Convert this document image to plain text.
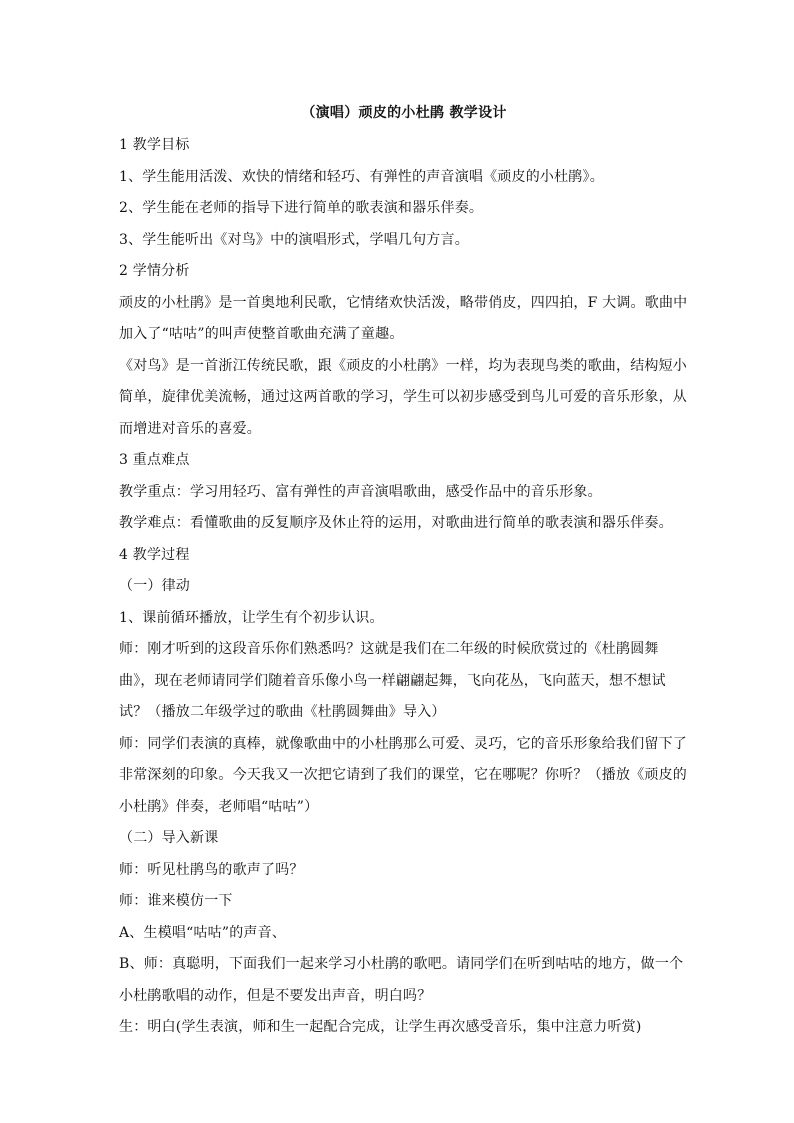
（演唱）顽皮的小杜鹃 教学设计
1 教学目标
1、学生能用活泼、欢快的情绪和轻巧、有弹性的声音演唱《顽皮的小杜鹃》。
2、学生能在老师的指导下进行简单的歌表演和器乐伴奏。
3、学生能听出《对鸟》中的演唱形式，学唱几句方言。
2 学情分析
顽皮的小杜鹃》是一首奥地利民歌，它情绪欢快活泼，略带俏皮，四四拍，F 大调。歌曲中
加入了“咕咕”的叫声使整首歌曲充满了童趣。
《对鸟》是一首浙江传统民歌，跟《顽皮的小杜鹃》一样，均为表现鸟类的歌曲，结构短小
简单，旋律优美流畅，通过这两首歌的学习，学生可以初步感受到鸟儿可爱的音乐形象，从
而增进对音乐的喜爱。
3 重点难点
教学重点：学习用轻巧、富有弹性的声音演唱歌曲，感受作品中的音乐形象。
教学难点：看懂歌曲的反复顺序及休止符的运用，对歌曲进行简单的歌表演和器乐伴奏。
4 教学过程
（一）律动
1、课前循环播放，让学生有个初步认识。
师：刚才听到的这段音乐你们熟悉吗？这就是我们在二年级的时候欣赏过的《杜鹃圆舞
曲》，现在老师请同学们随着音乐像小鸟一样翩翩起舞，飞向花丛，飞向蓝天，想不想试
试？（播放二年级学过的歌曲《杜鹃圆舞曲》导入）
师：同学们表演的真棒，就像歌曲中的小杜鹃那么可爱、灵巧，它的音乐形象给我们留下了
非常深刻的印象。今天我又一次把它请到了我们的课堂，它在哪呢？你听？（播放《顽皮的
小杜鹃》伴奏，老师唱“咕咕”）
（二）导入新课
师：听见杜鹃鸟的歌声了吗？
师：谁来模仿一下
A、生模唱“咕咕”的声音、
B、师：真聪明，下面我们一起来学习小杜鹃的歌吧。请同学们在听到咕咕的地方，做一个
小杜鹃歌唱的动作，但是不要发出声音，明白吗？
生：明白(学生表演，师和生一起配合完成，让学生再次感受音乐，集中注意力听赏)
